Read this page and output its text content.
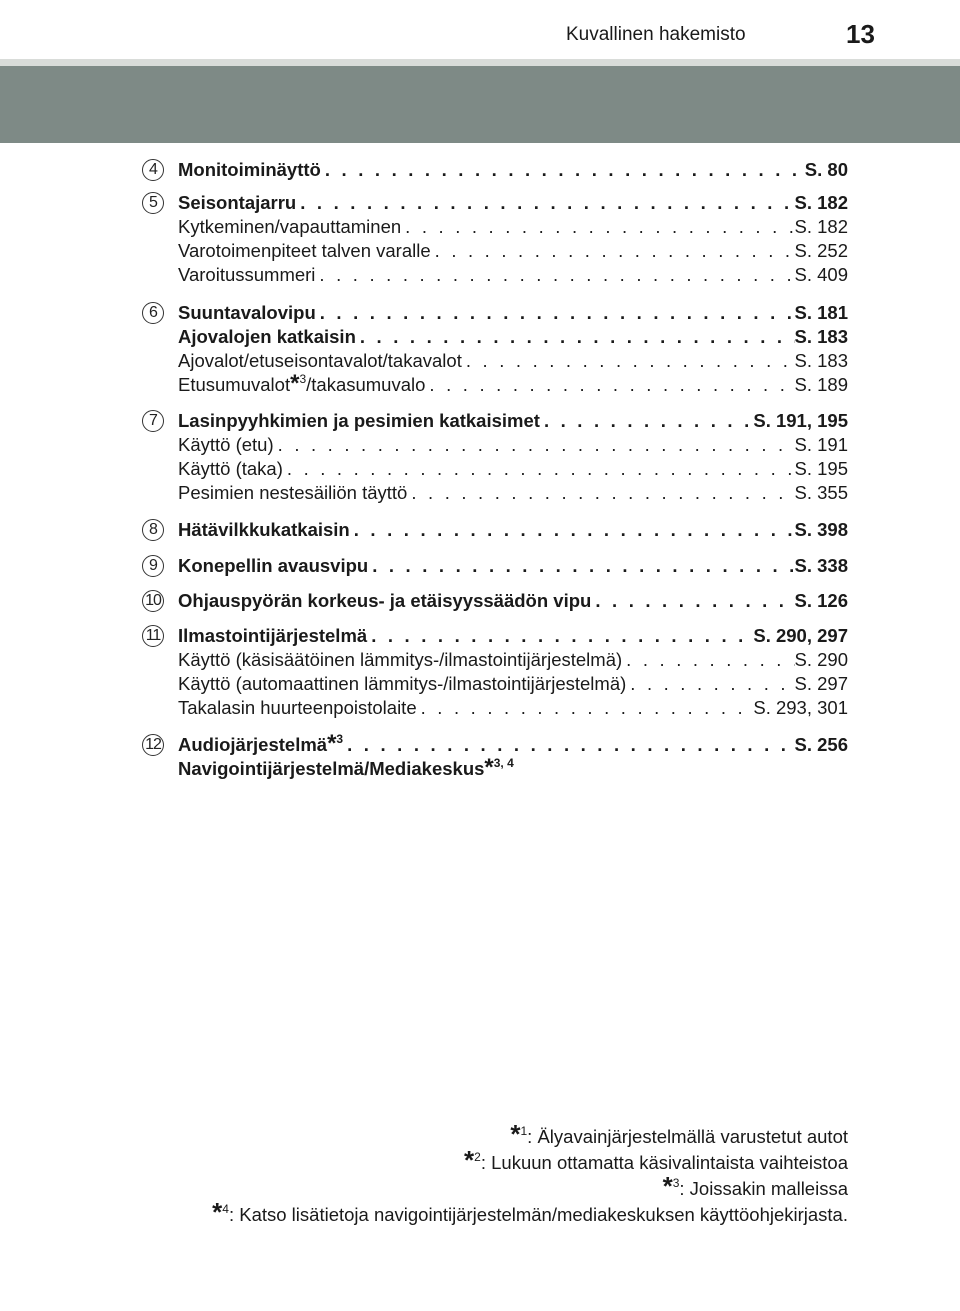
Kuvallinen hakemisto	13
4	Monitoiminäyttö . . .	S. 80
5	Seisontajarru . . .	S. 182
Kytkeminen/vapauttaminen . . .	S. 182
Varotoimenpiteet talven varalle . . .	S. 252
Varoitussummeri . . .	S. 409
6	Suuntavalovipu . . .	S. 181
Ajovalojen katkaisin . . .	S. 183
Ajovalot/etuseisontavalot/takavalot . . .	S. 183
Etusumuvalot*$^3$/takasumuvalo . . .	S. 189
7	Lasinpyyhkimien ja pesimien katkaisimet . . .	S. 191, 195
Käyttö (etu) . . .	S. 191
Käyttö (taka) . . .	S. 195
Pesimien nestesäiliön täyttö . . .	S. 355
8	Hätävilkkukatkaisin . . .	S. 398
9	Konepellin avausvipu . . .	S. 338
10 Ohjauspyörän korkeus- ja etäisyyssäädön vipu . . .	S. 126
11 Ilmastointijärjestelmä . . .	S. 290, 297
Käyttö (käsisäätöinen lämmitys-/ilmastointijärjestelmä) . . .	S. 290
Käyttö (automaattinen lämmitys-/ilmastointijärjestelmä) . . .	S. 297
Takalasin huurteenpoistolaite . . .	S. 293, 301
12 Audiojärjestelmä*$^3$ . . .	S. 256
Navigointijärjestelmä/Mediakeskus*$^{3, 4}$
*$^1$: Älyavainjärjestelmällä varustetut autot
*$^2$: Lukuun ottamatta käsivalintaista vaihteistoa
*$^3$: Joissakin malleissa
*$^4$: Katso lisätietoja navigointijärjestelmän/mediakeskuksen käyttöohjekirjasta.
